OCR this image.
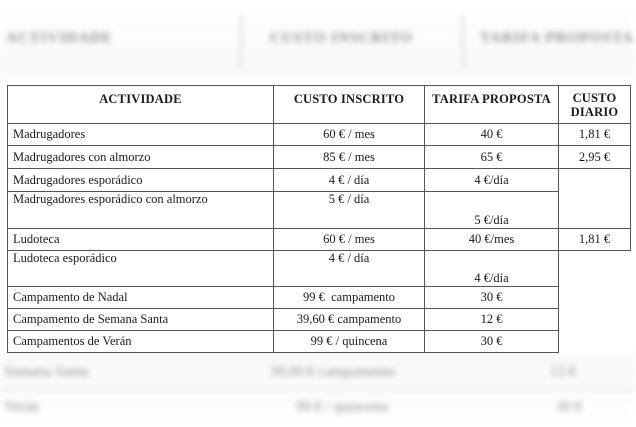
ACTIVIDADE	CUSTO INSCRITO	TARIFA PROPOSTA
Semana Santa	39,60 € campamento	12 €
Verán	99 € / quincena	30 €
ACTIVIDADE	CUSTO INSCRITO	TARIFA PROPOSTA	CUSTO DIARIO
Madrugadores	60 € / mes	40 €	1,81 €
Madrugadores con almorzo	85 € / mes	65 €	2,95 €
Madrugadores esporádico	4 € / día	4 €/día	
Madrugadores esporádico con almorzo	5 € / día	5 €/día	
Ludoteca	60 € / mes	40 €/mes	1,81 €
Ludoteca esporádico	4 € / día	4 €/día	
Campamento de Nadal	99 €  campamento	30 €	
Campamento de Semana Santa	39,60 € campamento	12 €	
Campamentos de Verán	99 € / quincena	30 €	
